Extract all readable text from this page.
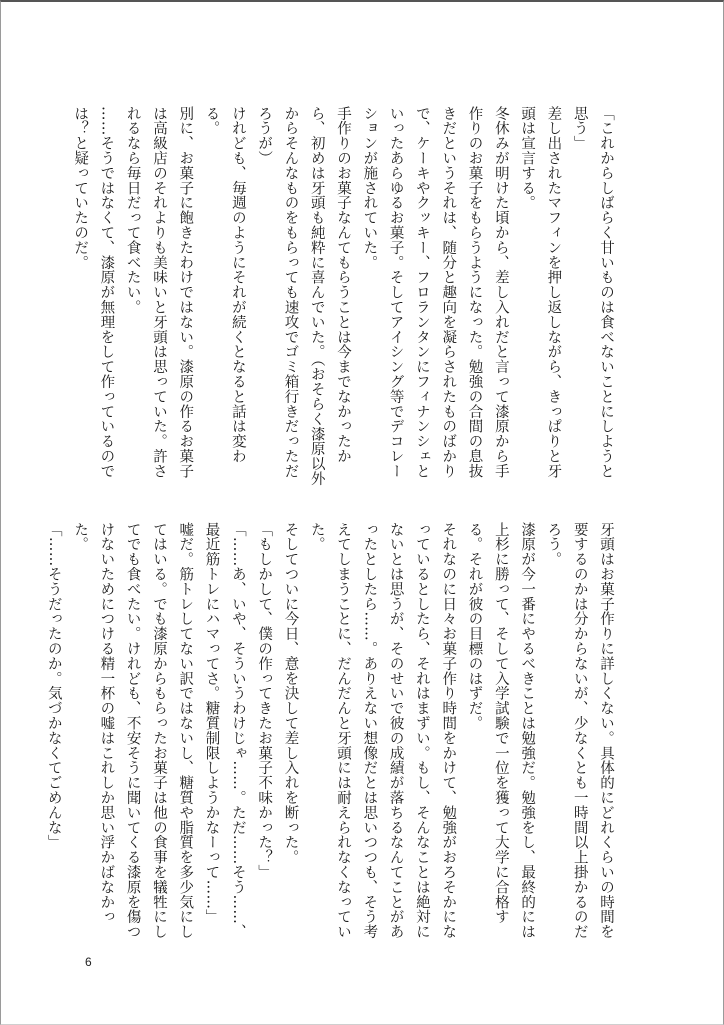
「これからしばらく甘いものは食べないことにしようと思う」

差し出されたマフィンを押し返しながら、きっぱりと牙頭は宣言する。

冬休みが明けた頃から、差し入れだと言って漆原から手作りのお菓子をもらうようになった。勉強の合間の息抜きだというそれは、随分と趣向を凝らされたものばかりで、ケーキやクッキー、フロランタンにフィナンシェといったあらゆるお菓子。そしてアイシング等でデコレーションが施されていた。

手作りのお菓子なんてもらうことは今までなかったから、初めは牙頭も純粋に喜んでいた。（おそらく漆原以外からそんなものをもらっても速攻でゴミ箱行きだっただろうが）

けれども、毎週のようにそれが続くとなると話は変わる。

別に、お菓子に飽きたわけではない。漆原の作るお菓子は高級店のそれよりも美味いと牙頭は思っていた。許されるなら毎日だって食べたい。

……そうではなくて、漆原が無理をして作っているのでは？と疑っていたのだ。

牙頭はお菓子作りに詳しくない。具体的にどれくらいの時間を要するのかは分からないが、少なくとも一時間以上掛かるのだろう。

漆原が今一番にやるべきことは勉強だ。勉強をし、最終的には上杉に勝って、そして入学試験で一位を獲って大学に合格する。それが彼の目標のはずだ。

それなのに日々お菓子作り時間をかけて、勉強がおろそかになっているとしたら、それはまずい。もし、そんなことは絶対にないとは思うが、そのせいで彼の成績が落ちるなんてことがあったとしたら……。ありえない想像だとは思いつつも、そう考えてしまうことに、だんだんと牙頭には耐えられなくなっていた。

そしてついに今日、意を決して差し入れを断った。

「もしかして、僕の作ってきたお菓子不味かった？」

「……あ、いや、そういうわけじゃ……。ただ……そう……、最近筋トレにハマってさ。糖質制限しようかなーって……」

嘘だ。筋トレしてない訳ではないし、糖質や脂質を多少気にしてはいる。でも漆原からもらったお菓子は他の食事を犠牲にしてでも食べたい。けれども、不安そうに聞いてくる漆原を傷つけないためにつける精一杯の嘘はこれしか思い浮かばなかった。

「……そうだったのか。気づかなくてごめんな」

6
